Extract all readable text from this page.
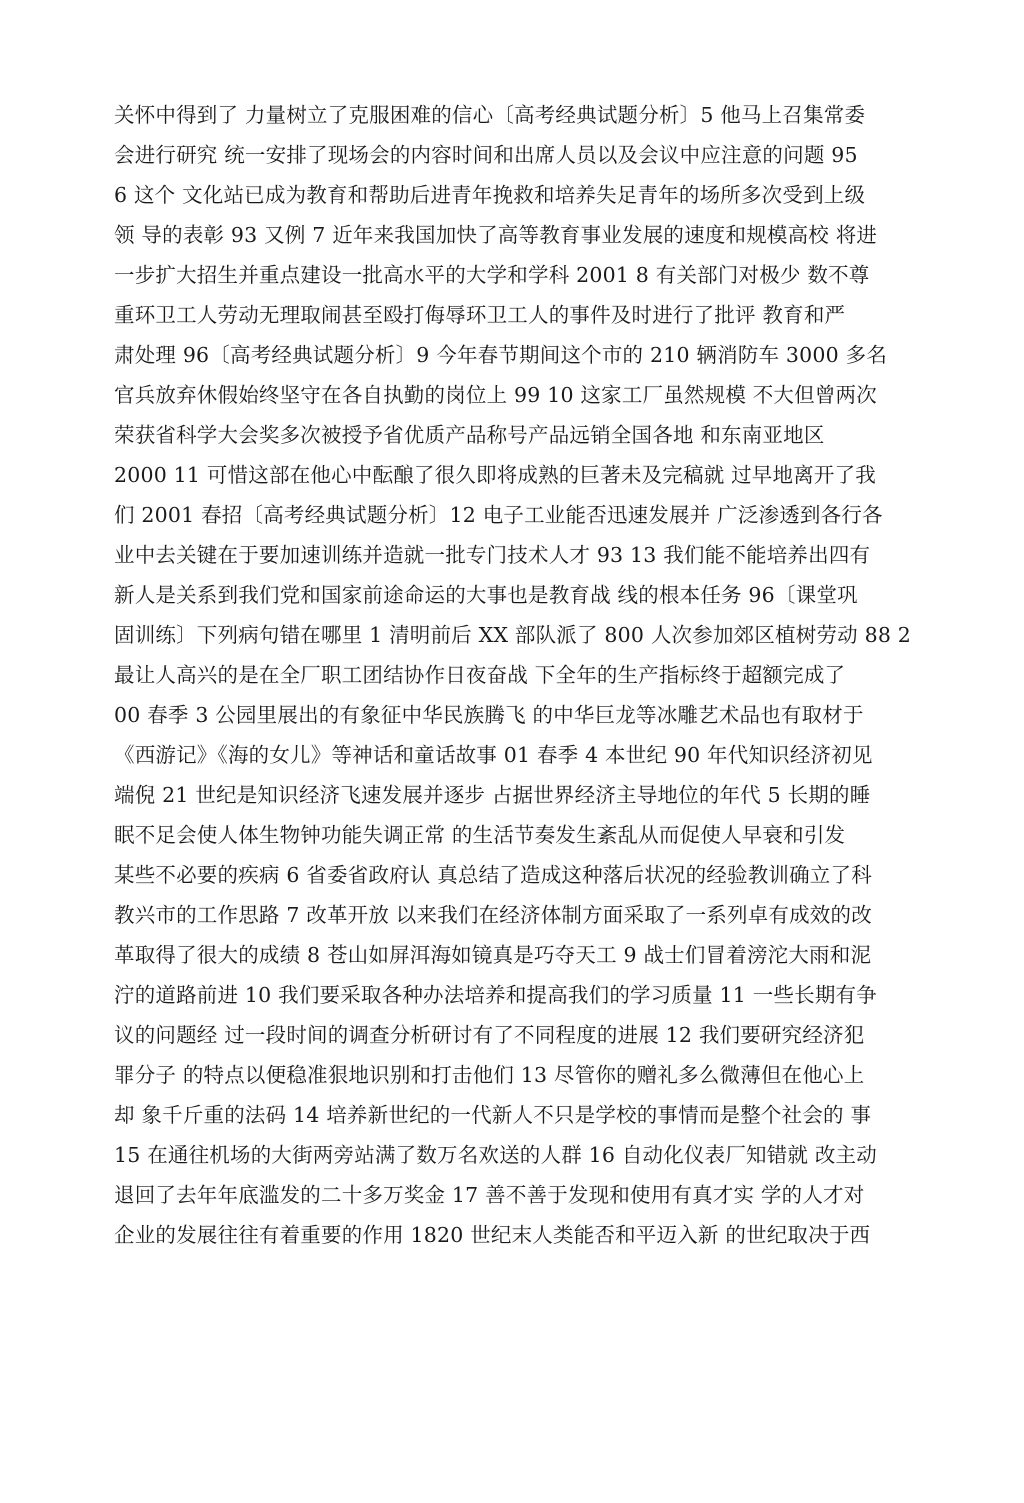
关怀中得到了 力量树立了克服困难的信心〔高考经典试题分析〕5 他马上召集常委
会进行研究 统一安排了现场会的内容时间和出席人员以及会议中应注意的问题 95
6 这个 文化站已成为教育和帮助后进青年挽救和培养失足青年的场所多次受到上级
领 导的表彰 93 又例 7 近年来我国加快了高等教育事业发展的速度和规模高校 将进
一步扩大招生并重点建设一批高水平的大学和学科 2001 8 有关部门对极少 数不尊
重环卫工人劳动无理取闹甚至殴打侮辱环卫工人的事件及时进行了批评 教育和严
肃处理 96〔高考经典试题分析〕9 今年春节期间这个市的 210 辆消防车 3000 多名
官兵放弃休假始终坚守在各自执勤的岗位上 99 10 这家工厂虽然规模 不大但曾两次
荣获省科学大会奖多次被授予省优质产品称号产品远销全国各地 和东南亚地区
2000 11 可惜这部在他心中酝酿了很久即将成熟的巨著未及完稿就 过早地离开了我
们 2001 春招〔高考经典试题分析〕12 电子工业能否迅速发展并 广泛渗透到各行各
业中去关键在于要加速训练并造就一批专门技术人才 93 13 我们能不能培养出四有
新人是关系到我们党和国家前途命运的大事也是教育战 线的根本任务 96〔课堂巩
固训练〕下列病句错在哪里 1 清明前后 XX 部队派了 800 人次参加郊区植树劳动 88 2
最让人高兴的是在全厂职工团结协作日夜奋战 下全年的生产指标终于超额完成了
00 春季 3 公园里展出的有象征中华民族腾飞 的中华巨龙等冰雕艺术品也有取材于
《西游记》《海的女儿》等神话和童话故事 01 春季 4 本世纪 90 年代知识经济初见
端倪 21 世纪是知识经济飞速发展并逐步 占据世界经济主导地位的年代 5 长期的睡
眠不足会使人体生物钟功能失调正常 的生活节奏发生紊乱从而促使人早衰和引发
某些不必要的疾病 6 省委省政府认 真总结了造成这种落后状况的经验教训确立了科
教兴市的工作思路 7 改革开放 以来我们在经济体制方面采取了一系列卓有成效的改
革取得了很大的成绩 8 苍山如屏洱海如镜真是巧夺天工 9 战士们冒着滂沱大雨和泥
泞的道路前进 10 我们要采取各种办法培养和提高我们的学习质量 11 一些长期有争
议的问题经 过一段时间的调查分析研讨有了不同程度的进展 12 我们要研究经济犯
罪分子 的特点以便稳准狠地识别和打击他们 13 尽管你的赠礼多么微薄但在他心上
却 象千斤重的法码 14 培养新世纪的一代新人不只是学校的事情而是整个社会的 事
15 在通往机场的大街两旁站满了数万名欢送的人群 16 自动化仪表厂知错就 改主动
退回了去年年底滥发的二十多万奖金 17 善不善于发现和使用有真才实 学的人才对
企业的发展往往有着重要的作用 1820 世纪末人类能否和平迈入新 的世纪取决于西
